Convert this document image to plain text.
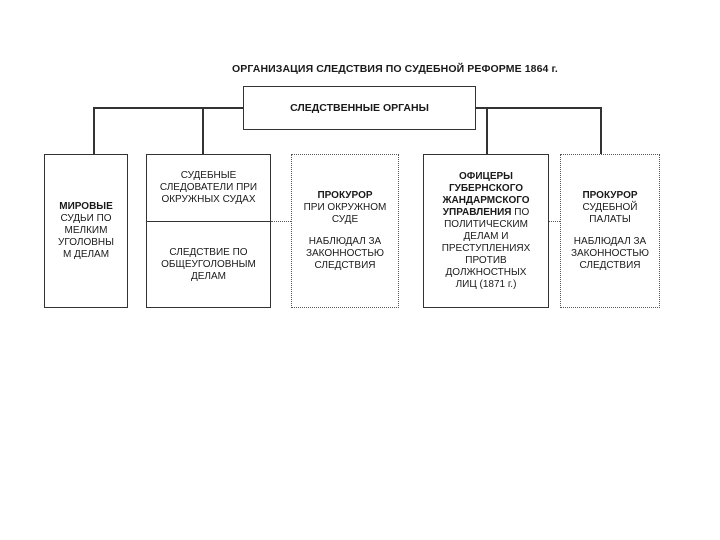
ОРГАНИЗАЦИЯ СЛЕДСТВИЯ ПО СУДЕБНОЙ РЕФОРМЕ 1864 г.
СЛЕДСТВЕННЫЕ ОРГАНЫ
МИРОВЫЕ
СУДЬИ ПО
МЕЛКИМ
УГОЛОВНЫ
М ДЕЛАМ
СУДЕБНЫЕ
СЛЕДОВАТЕЛИ ПРИ
ОКРУЖНЫХ СУДАХ
СЛЕДСТВИЕ ПО
ОБЩЕУГОЛОВНЫМ
ДЕЛАМ
ПРОКУРОР
ПРИ ОКРУЖНОМ
СУДЕ
НАБЛЮДАЛ ЗА
ЗАКОННОСТЬЮ
СЛЕДСТВИЯ
ОФИЦЕРЫ
ГУБЕРНСКОГО
ЖАНДАРМСКОГО
УПРАВЛЕНИЯ ПО
ПОЛИТИЧЕСКИМ
ДЕЛАМ И
ПРЕСТУПЛЕНИЯХ
ПРОТИВ
ДОЛЖНОСТНЫХ
ЛИЦ (1871 г.)
ПРОКУРОР
СУДЕБНОЙ
ПАЛАТЫ
НАБЛЮДАЛ ЗА
ЗАКОННОСТЬЮ
СЛЕДСТВИЯ
